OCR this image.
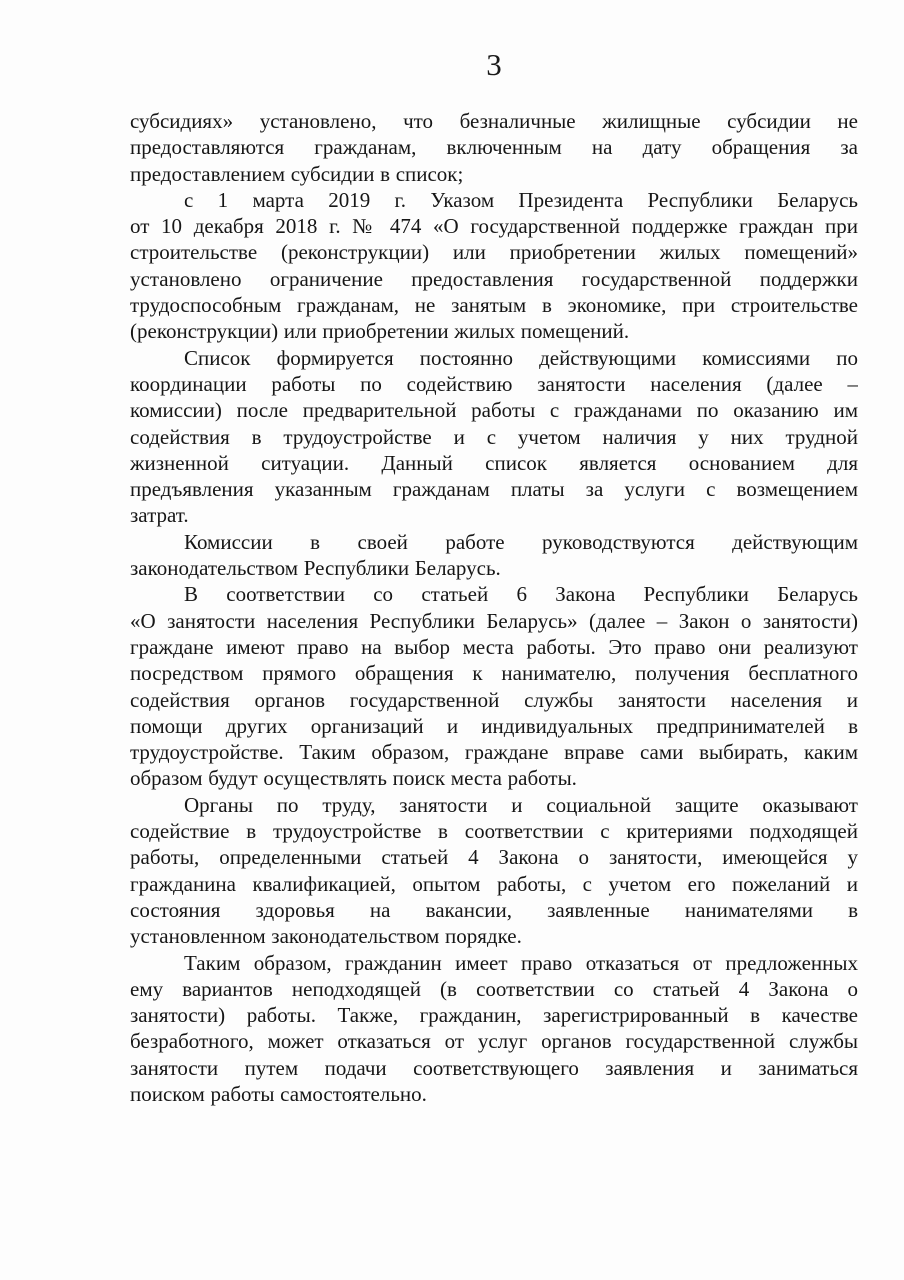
3
субсидиях» установлено, что безналичные жилищные субсидии не
предоставляются гражданам, включенным на дату обращения за
предоставлением субсидии в список;
с 1 марта 2019 г. Указом Президента Республики Беларусь
от 10 декабря 2018 г. № 474 «О государственной поддержке граждан при
строительстве (реконструкции) или приобретении жилых помещений»
установлено ограничение предоставления государственной поддержки
трудоспособным гражданам, не занятым в экономике, при строительстве
(реконструкции) или приобретении жилых помещений.
Список формируется постоянно действующими комиссиями по
координации работы по содействию занятости населения (далее –
комиссии) после предварительной работы с гражданами по оказанию им
содействия в трудоустройстве и с учетом наличия у них трудной
жизненной ситуации. Данный список является основанием для
предъявления указанным гражданам платы за услуги с возмещением
затрат.
Комиссии в своей работе руководствуются действующим
законодательством Республики Беларусь.
В соответствии со статьей 6 Закона Республики Беларусь
«О занятости населения Республики Беларусь» (далее – Закон о занятости)
граждане имеют право на выбор места работы. Это право они реализуют
посредством прямого обращения к нанимателю, получения бесплатного
содействия органов государственной службы занятости населения и
помощи других организаций и индивидуальных предпринимателей в
трудоустройстве. Таким образом, граждане вправе сами выбирать, каким
образом будут осуществлять поиск места работы.
Органы по труду, занятости и социальной защите оказывают
содействие в трудоустройстве в соответствии с критериями подходящей
работы, определенными статьей 4 Закона о занятости, имеющейся у
гражданина квалификацией, опытом работы, с учетом его пожеланий и
состояния здоровья на вакансии, заявленные нанимателями в
установленном законодательством порядке.
Таким образом, гражданин имеет право отказаться от предложенных
ему вариантов неподходящей (в соответствии со статьей 4 Закона о
занятости) работы. Также, гражданин, зарегистрированный в качестве
безработного, может отказаться от услуг органов государственной службы
занятости путем подачи соответствующего заявления и заниматься
поиском работы самостоятельно.
